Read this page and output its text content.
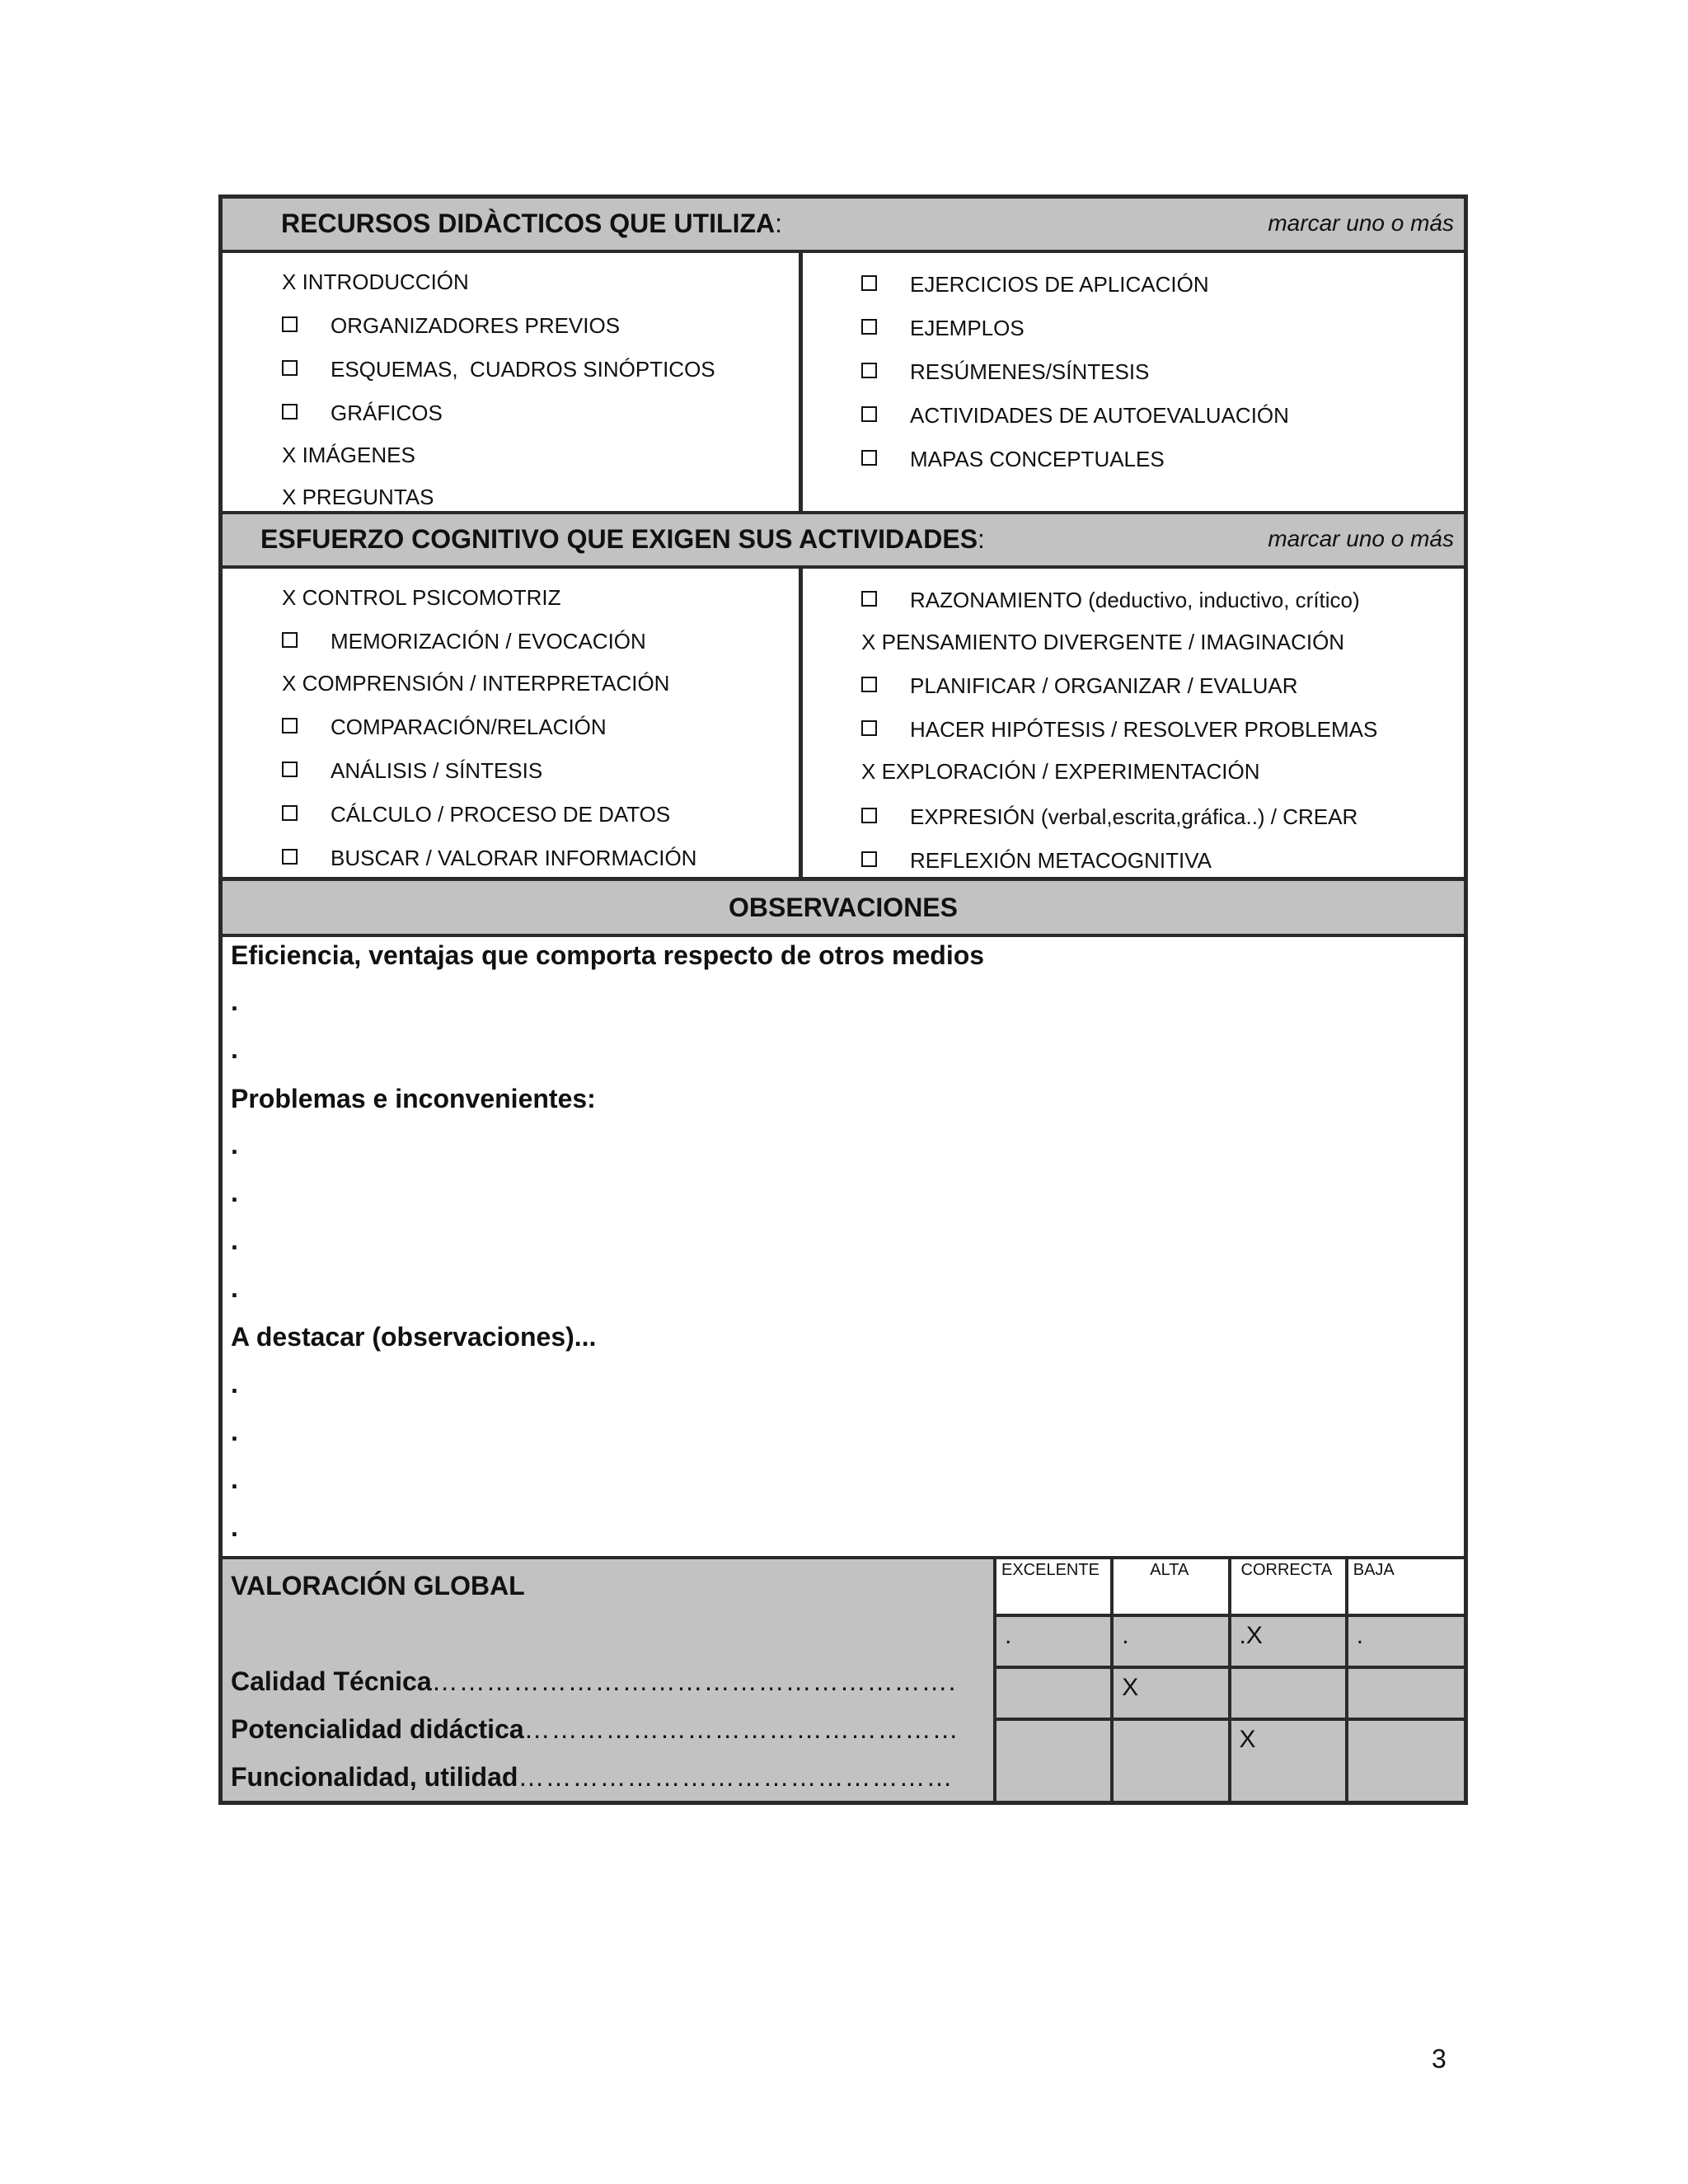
RECURSOS DIDÀCTICOS QUE UTILIZA:	marcar uno o más
X INTRODUCCIÓN
ORGANIZADORES PREVIOS
ESQUEMAS,  CUADROS SINÓPTICOS
GRÁFICOS
X IMÁGENES
X PREGUNTAS
EJERCICIOS DE APLICACIÓN
EJEMPLOS
RESÚMENES/SÍNTESIS
ACTIVIDADES DE AUTOEVALUACIÓN
MAPAS CONCEPTUALES
ESFUERZO COGNITIVO QUE EXIGEN SUS ACTIVIDADES:	marcar uno o más
X CONTROL PSICOMOTRIZ
MEMORIZACIÓN / EVOCACIÓN
X COMPRENSIÓN / INTERPRETACIÓN
COMPARACIÓN/RELACIÓN
ANÁLISIS / SÍNTESIS
CÁLCULO / PROCESO DE DATOS
BUSCAR / VALORAR INFORMACIÓN
RAZONAMIENTO (deductivo, inductivo, crítico)
X PENSAMIENTO DIVERGENTE / IMAGINACIÓN
PLANIFICAR / ORGANIZAR / EVALUAR
HACER HIPÓTESIS / RESOLVER PROBLEMAS
X EXPLORACIÓN / EXPERIMENTACIÓN
EXPRESIÓN (verbal,escrita,gráfica..) / CREAR
REFLEXIÓN METACOGNITIVA
OBSERVACIONES
Eficiencia, ventajas que comporta respecto de otros medios
.
.
Problemas e inconvenientes:
.
.
.
.
A destacar (observaciones)...
.
.
.
.
VALORACIÓN GLOBAL
Calidad Técnica………………………………………………….
Potencialidad didáctica…………………………………………
Funcionalidad, utilidad…………………………………………
EXCELENTE	ALTA	CORRECTA	BAJA

.	.	.X	.

	X		

		X	

3
